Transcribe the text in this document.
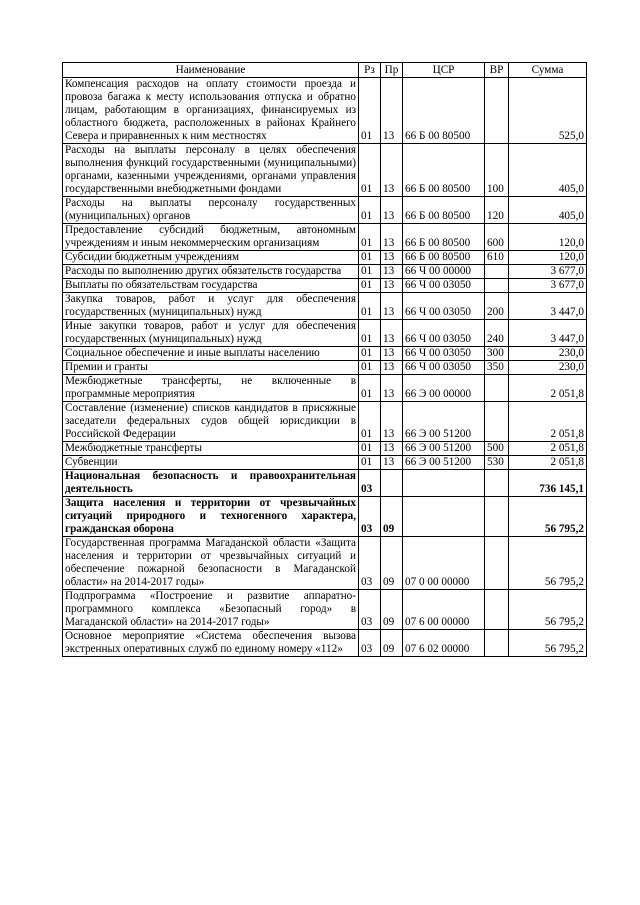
Наименование	Рз	Пр	ЦСР	ВР	Сумма
Компенсация расходов на оплату стоимости проезда и провоза багажа к месту использования отпуска и обратно лицам, работающим в организациях, финансируемых из областного бюджета, расположенных в районах Крайнего Севера и приравненных к ним местностях	01	13	66 Б 00 80500		525,0
Расходы на выплаты персоналу в целях обеспечения выполнения функций государственными (муниципальными) органами, казенными учреждениями, органами управления государственными внебюджетными фондами	01	13	66 Б 00 80500	100	405,0
Расходы на выплаты персоналу государственных (муниципальных) органов	01	13	66 Б 00 80500	120	405,0
Предоставление субсидий бюджетным, автономным учреждениям и иным некоммерческим организациям	01	13	66 Б 00 80500	600	120,0
Субсидии бюджетным учреждениям	01	13	66 Б 00 80500	610	120,0
Расходы по выполнению других обязательств государства	01	13	66 Ч 00 00000		3 677,0
Выплаты по обязательствам государства	01	13	66 Ч 00 03050		3 677,0
Закупка товаров, работ и услуг для обеспечения государственных (муниципальных) нужд	01	13	66 Ч 00 03050	200	3 447,0
Иные закупки товаров, работ и услуг для обеспечения государственных (муниципальных) нужд	01	13	66 Ч 00 03050	240	3 447,0
Социальное обеспечение и иные выплаты населению	01	13	66 Ч 00 03050	300	230,0
Премии и гранты	01	13	66 Ч 00 03050	350	230,0
Межбюджетные трансферты, не включенные в программные мероприятия	01	13	66 Э 00 00000		2 051,8
Составление (изменение) списков кандидатов в присяжные заседатели федеральных судов общей юрисдикции в Российской Федерации	01	13	66 Э 00 51200		2 051,8
Межбюджетные трансферты	01	13	66 Э 00 51200	500	2 051,8
Субвенции	01	13	66 Э 00 51200	530	2 051,8
Национальная безопасность и правоохранительная деятельность	03				736 145,1
Защита населения и территории от чрезвычайных ситуаций природного и техногенного характера, гражданская оборона	03	09			56 795,2
Государственная программа Магаданской области «Защита населения и территории от чрезвычайных ситуаций и обеспечение пожарной безопасности в Магаданской области» на 2014-2017 годы»	03	09	07 0 00 00000		56 795,2
Подпрограмма «Построение и развитие аппаратно-программного комплекса «Безопасный город» в Магаданской области» на 2014-2017 годы»	03	09	07 6 00 00000		56 795,2
Основное мероприятие «Система обеспечения вызова экстренных оперативных служб по единому номеру «112»	03	09	07 6 02 00000		56 795,2
